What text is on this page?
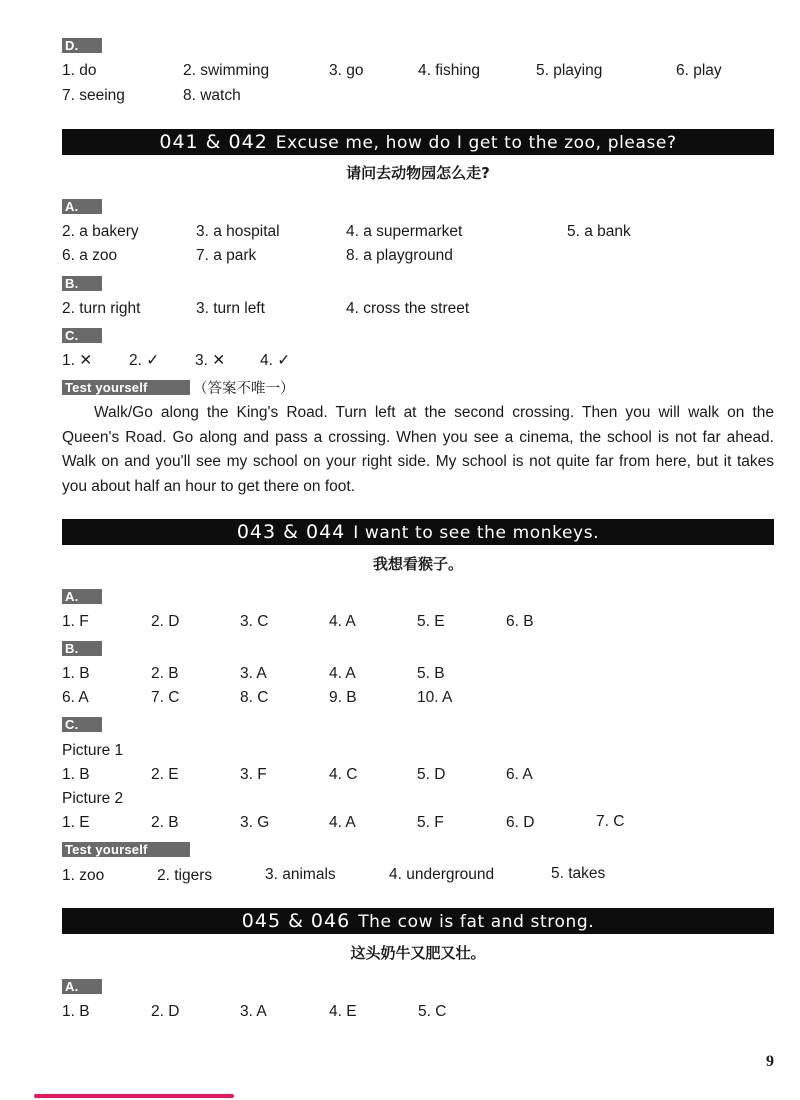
D.
1. do	2. swimming	3. go	4. fishing	5. playing	6. play
7. seeing	8. watch
041 & 042 Excuse me, how do I get to the zoo, please?
请问去动物园怎么走?
A.
2. a bakery	3. a hospital	4. a supermarket	5. a bank
6. a zoo	7. a park	8. a playground
B.
2. turn right	3. turn left	4. cross the street
C.
1. ✕ 2. ✓ 3. ✕ 4. ✓
Test yourself	（答案不唯一）
Walk/Go along the King's Road. Turn left at the second crossing. Then you will walk on the Queen's Road. Go along and pass a crossing. When you see a cinema, the school is not far ahead. Walk on and you'll see my school on your right side. My school is not quite far from here, but it takes you about half an hour to get there on foot.
043 & 044 I want to see the monkeys.
我想看猴子。
A.
1. F	2. D	3. C	4. A	5. E	6. B
B.
1. B	2. B	3. A	4. A	5. B
6. A	7. C	8. C	9. B	10. A
C.
Picture 1
1. B	2. E	3. F	4. C	5. D	6. A
Picture 2
1. E	2. B	3. G	4. A	5. F	6. D	7. C
Test yourself
1. zoo	2. tigers	3. animals	4. underground	5. takes
045 & 046 The cow is fat and strong.
这头奶牛又肥又壮。
A.
1. B	2. D	3. A	4. E	5. C
9
